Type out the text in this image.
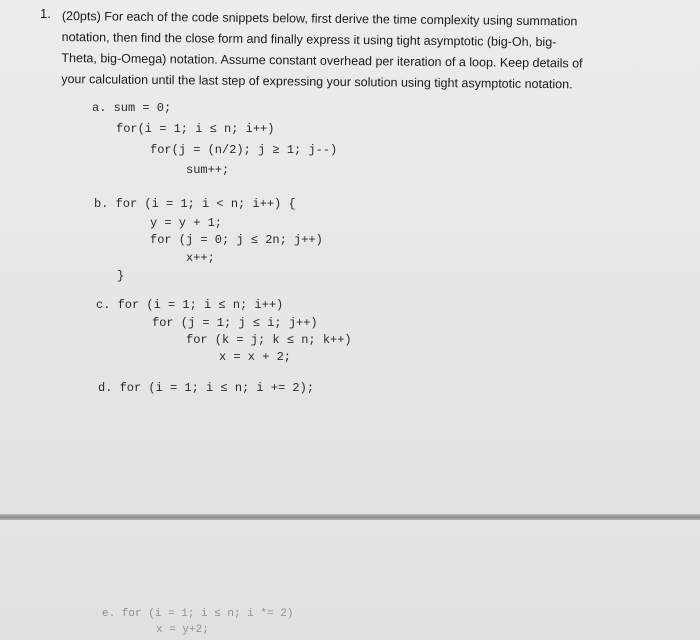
1. (20pts) For each of the code snippets below, first derive the time complexity using summation
notation, then find the close form and finally express it using tight asymptotic (big-Oh, big-
Theta, big-Omega) notation. Assume constant overhead per iteration of a loop. Keep details of
your calculation until the last step of expressing your solution using tight asymptotic notation.
a. sum = 0;
for(i = 1; i ≤ n; i++)
for(j = (n/2); j ≥ 1; j--)
sum++;
b. for (i = 1; i < n; i++) {
y = y + 1;
for (j = 0; j ≤ 2n; j++)
x++;
}
c. for (i = 1; i ≤ n; i++)
for (j = 1; j ≤ i; j++)
for (k = j; k ≤ n; k++)
x = x + 2;
d. for (i = 1; i ≤ n; i += 2);
e. for (i = 1; i ≤ n; i *= 2)
x = y+2;
